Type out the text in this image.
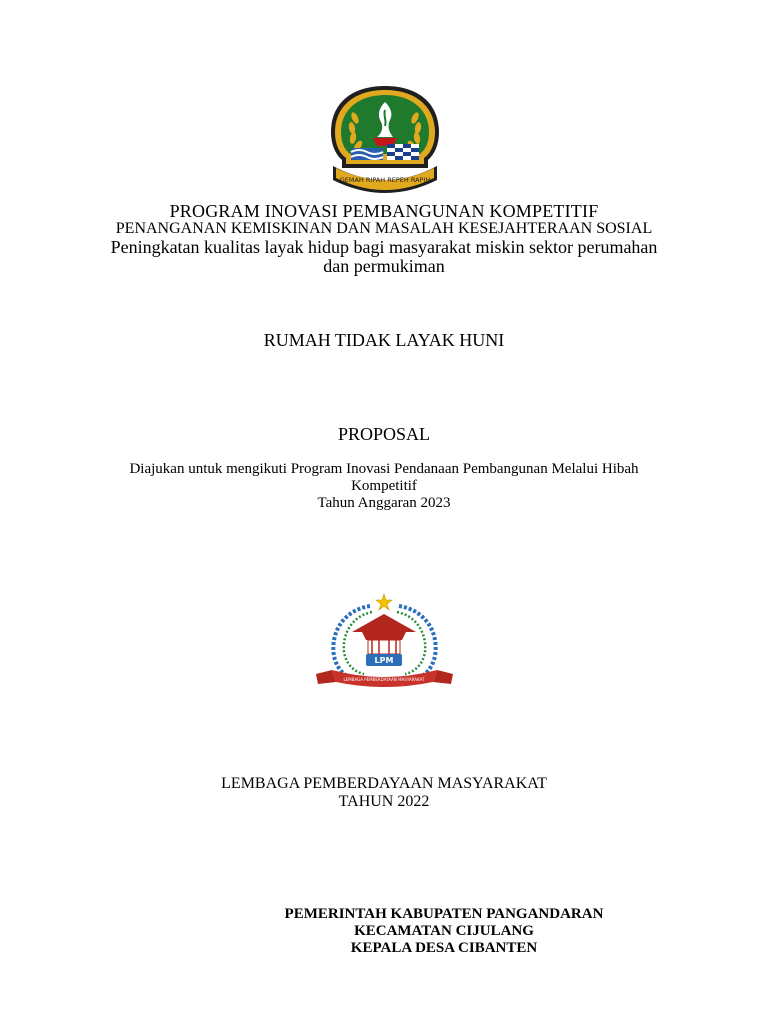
GEMAH RIPAH REPEH RAPIH
PROGRAM INOVASI PEMBANGUNAN KOMPETITIF
PENANGANAN KEMISKINAN DAN MASALAH KESEJAHTERAAN SOSIAL
Peningkatan kualitas layak hidup bagi masyarakat miskin sektor perumahan
dan permukiman
RUMAH TIDAK LAYAK HUNI
PROPOSAL
Diajukan untuk mengikuti Program Inovasi Pendanaan Pembangunan Melalui Hibah
Kompetitif
Tahun Anggaran 2023
LPM
LEMBAGA PEMBERDAYAAN MASYARAKAT
LEMBAGA PEMBERDAYAAN MASYARAKAT
TAHUN 2022
PEMERINTAH KABUPATEN PANGANDARAN
KECAMATAN CIJULANG
KEPALA DESA CIBANTEN
